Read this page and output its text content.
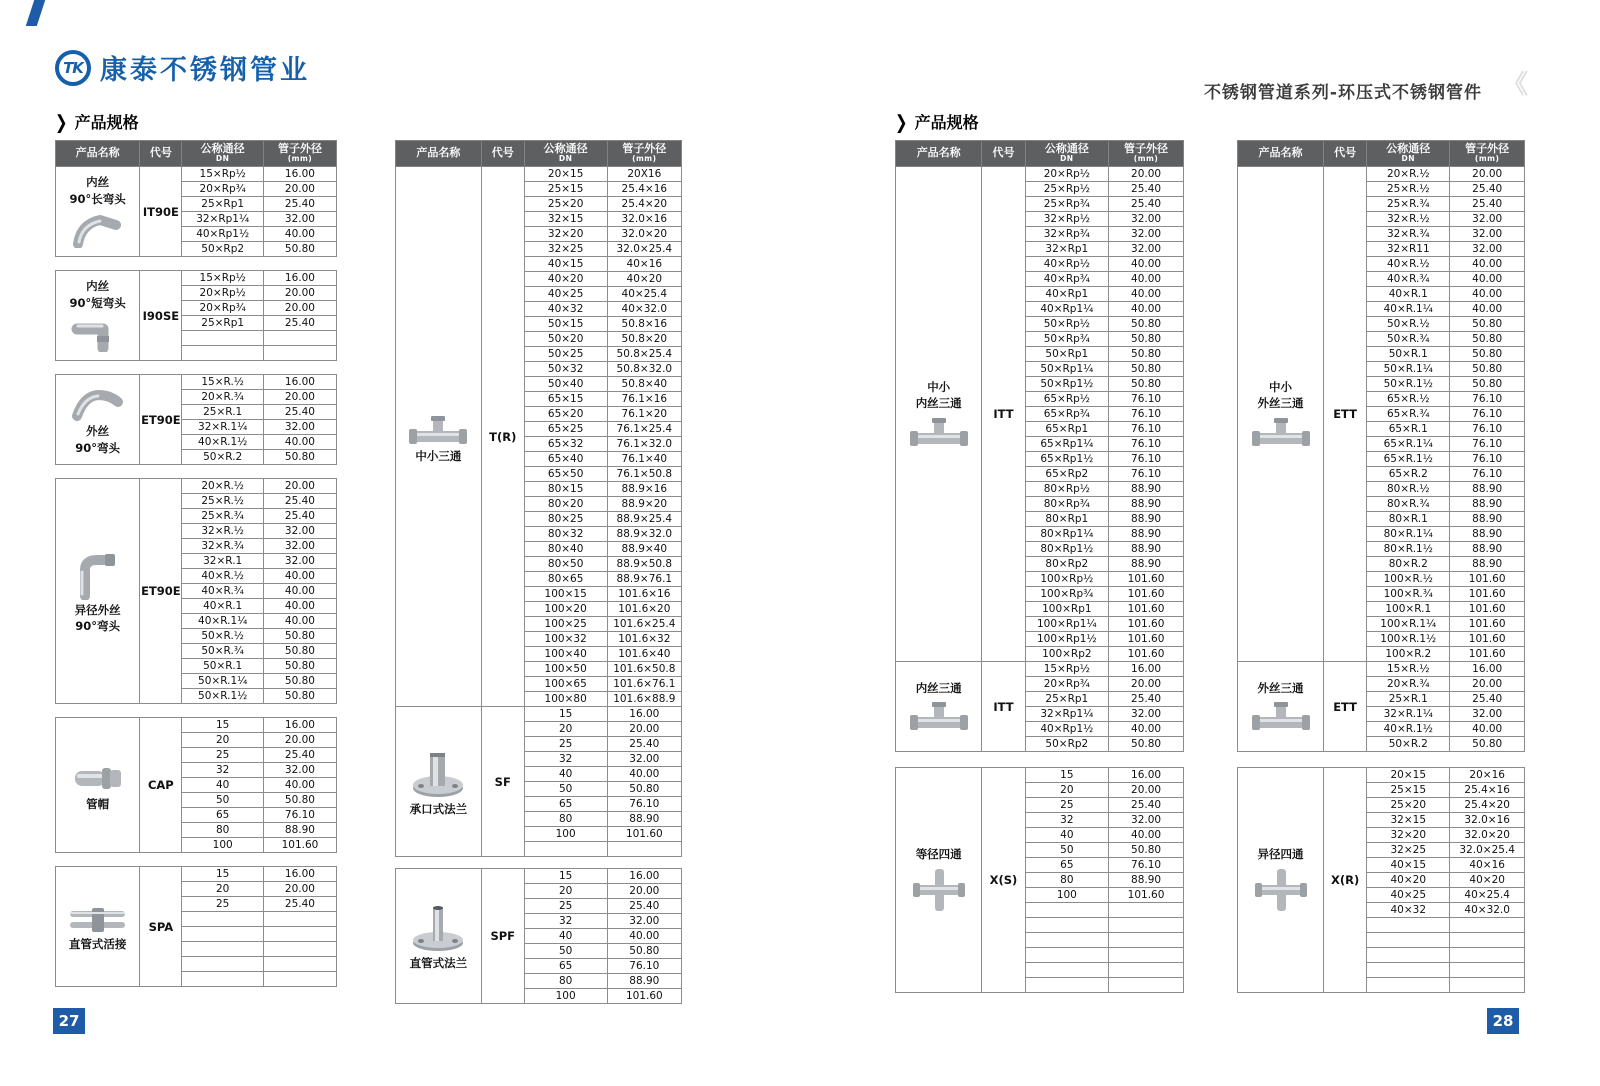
TK 康泰不锈钢管业
不锈钢管道系列-环压式不锈钢管件 《
❯ 产品规格	❯ 产品规格
产品名称	代号	公称通径
DN	管子外径
(mm)

内丝
90°长弯头	IT90E	15×Rp½	16.00
		20×Rp¾	20.00
		25×Rp1	25.40
		32×Rp1¼	32.00
		40×Rp1½	40.00
		50×Rp2	50.80
内丝
90°短弯头	I90SE	15×Rp½	16.00
		20×Rp½	20.00
		20×Rp¾	20.00
		25×Rp1	25.40

外丝
90°弯头	ET90E	15×R.½	16.00
		20×R.¾	20.00
		25×R.1	25.40
		32×R.1¼	32.00
		40×R.1½	40.00
		50×R.2	50.80
异径外丝
90°弯头	ET90E	20×R.½	20.00
		25×R.½	25.40
		25×R.¾	25.40
		32×R.½	32.00
		32×R.¾	32.00
		32×R.1	32.00
		40×R.½	40.00
		40×R.¾	40.00
		40×R.1	40.00
		40×R.1¼	40.00
		50×R.½	50.80
		50×R.¾	50.80
		50×R.1	50.80
		50×R.1¼	50.80
		50×R.1½	50.80
管帽	CAP	15	16.00
		20	20.00
		25	25.40
		32	32.00
		40	40.00
		50	50.80
		65	76.10
		80	88.90
		100	101.60
直管式活接	SPA	15	16.00
		20	20.00
		25	25.40

产品名称	代号	公称通径
DN	管子外径
(mm)

中小三通	T(R)	20×15	20X16
		25×15	25.4×16
		25×20	25.4×20
		32×15	32.0×16
		32×20	32.0×20
		32×25	32.0×25.4
		40×15	40×16
		40×20	40×20
		40×25	40×25.4
		40×32	40×32.0
		50×15	50.8×16
		50×20	50.8×20
		50×25	50.8×25.4
		50×32	50.8×32.0
		50×40	50.8×40
		65×15	76.1×16
		65×20	76.1×20
		65×25	76.1×25.4
		65×32	76.1×32.0
		65×40	76.1×40
		65×50	76.1×50.8
		80×15	88.9×16
		80×20	88.9×20
		80×25	88.9×25.4
		80×32	88.9×32.0
		80×40	88.9×40
		80×50	88.9×50.8
		80×65	88.9×76.1
		100×15	101.6×16
		100×20	101.6×20
		100×25	101.6×25.4
		100×32	101.6×32
		100×40	101.6×40
		100×50	101.6×50.8
		100×65	101.6×76.1
		100×80	101.6×88.9

承口式法兰	SF	15	16.00
		20	20.00
		25	25.40
		32	32.00
		40	40.00
		50	50.80
		65	76.10
		80	88.90
		100	101.60

直管式法兰	SPF	15	16.00
		20	20.00
		25	25.40
		32	32.00
		40	40.00
		50	50.80
		65	76.10
		80	88.90
		100	101.60
产品名称	代号	公称通径
DN	管子外径
(mm)

中小
内丝三通	ITT	20×Rp½	20.00
		25×Rp½	25.40
		25×Rp¾	25.40
		32×Rp½	32.00
		32×Rp¾	32.00
		32×Rp1	32.00
		40×Rp½	40.00
		40×Rp¾	40.00
		40×Rp1	40.00
		40×Rp1¼	40.00
		50×Rp½	50.80
		50×Rp¾	50.80
		50×Rp1	50.80
		50×Rp1¼	50.80
		50×Rp1½	50.80
		65×Rp½	76.10
		65×Rp¾	76.10
		65×Rp1	76.10
		65×Rp1¼	76.10
		65×Rp1½	76.10
		65×Rp2	76.10
		80×Rp½	88.90
		80×Rp¾	88.90
		80×Rp1	88.90
		80×Rp1¼	88.90
		80×Rp1½	88.90
		80×Rp2	88.90
		100×Rp½	101.60
		100×Rp¾	101.60
		100×Rp1	101.60
		100×Rp1¼	101.60
		100×Rp1½	101.60
		100×Rp2	101.60

内丝三通	ITT	15×Rp½	16.00
		20×Rp¾	20.00
		25×Rp1	25.40
		32×Rp1¼	32.00
		40×Rp1½	40.00
		50×Rp2	50.80
等径四通	X(S)	15	16.00
		20	20.00
		25	25.40
		32	32.00
		40	40.00
		50	50.80
		65	76.10
		80	88.90
		100	101.60

产品名称	代号	公称通径
DN	管子外径
(mm)

中小
外丝三通	ETT	20×R.½	20.00
		25×R.½	25.40
		25×R.¾	25.40
		32×R.½	32.00
		32×R.¾	32.00
		32×R11	32.00
		40×R.½	40.00
		40×R.¾	40.00
		40×R.1	40.00
		40×R.1¼	40.00
		50×R.½	50.80
		50×R.¾	50.80
		50×R.1	50.80
		50×R.1¼	50.80
		50×R.1½	50.80
		65×R.½	76.10
		65×R.¾	76.10
		65×R.1	76.10
		65×R.1¼	76.10
		65×R.1½	76.10
		65×R.2	76.10
		80×R.½	88.90
		80×R.¾	88.90
		80×R.1	88.90
		80×R.1¼	88.90
		80×R.1½	88.90
		80×R.2	88.90
		100×R.½	101.60
		100×R.¾	101.60
		100×R.1	101.60
		100×R.1¼	101.60
		100×R.1½	101.60
		100×R.2	101.60

外丝三通	ETT	15×R.½	16.00
		20×R.¾	20.00
		25×R.1	25.40
		32×R.1¼	32.00
		40×R.1½	40.00
		50×R.2	50.80
异径四通	X(R)	20×15	20×16
		25×15	25.4×16
		25×20	25.4×20
		32×15	32.0×16
		32×20	32.0×20
		32×25	32.0×25.4
		40×15	40×16
		40×20	40×20
		40×25	40×25.4
		40×32	40×32.0

27	28
